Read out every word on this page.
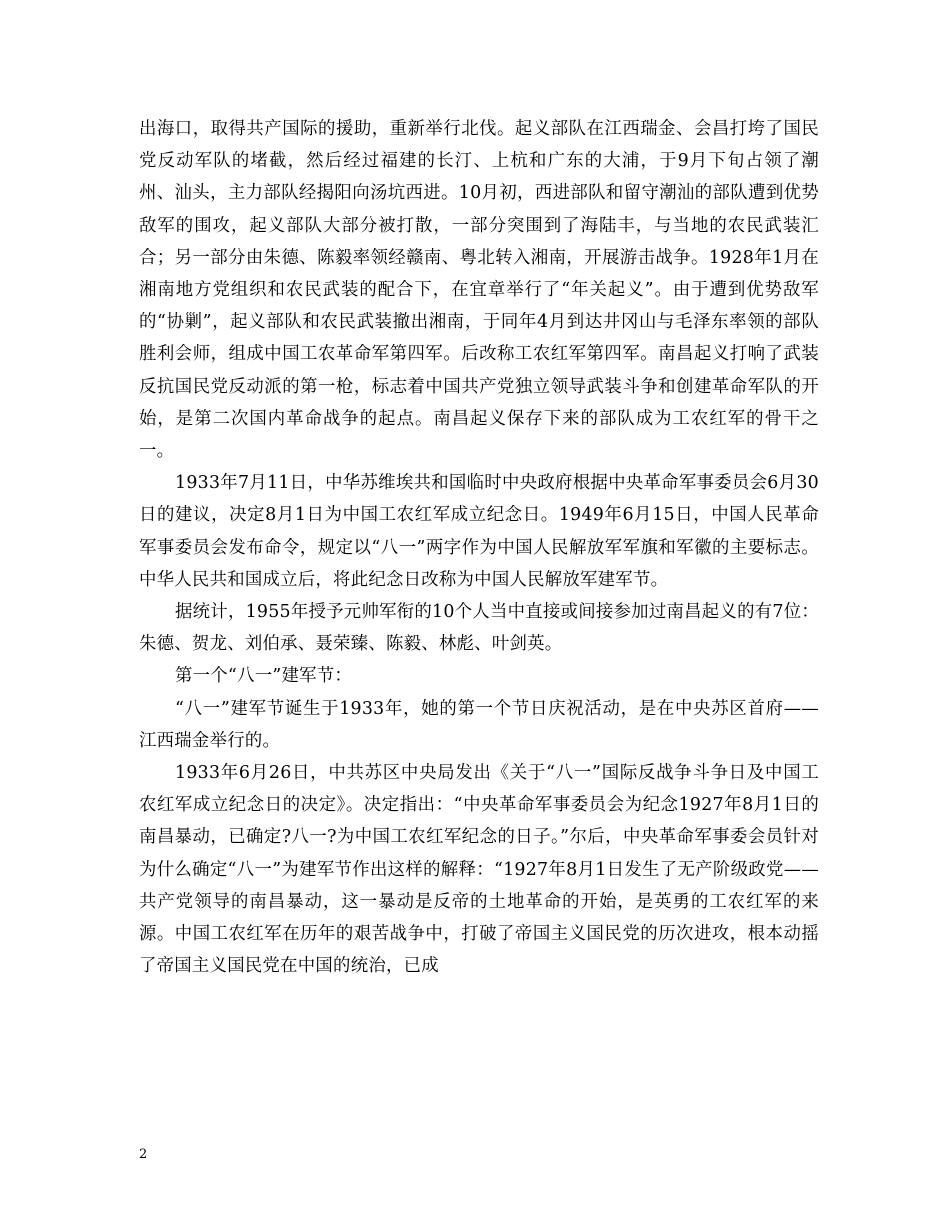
出海口，取得共产国际的援助，重新举行北伐。起义部队在江西瑞金、会昌打垮了国民党反动军队的堵截，然后经过福建的长汀、上杭和广东的大浦，于9月下旬占领了潮州、汕头，主力部队经揭阳向汤坑西进。10月初，西进部队和留守潮汕的部队遭到优势敌军的围攻，起义部队大部分被打散，一部分突围到了海陆丰，与当地的农民武装汇合；另一部分由朱德、陈毅率领经赣南、粤北转入湘南，开展游击战争。1928年1月在湘南地方党组织和农民武装的配合下，在宜章举行了“年关起义”。由于遭到优势敌军的“协剿”，起义部队和农民武装撤出湘南，于同年4月到达井冈山与毛泽东率领的部队胜利会师，组成中国工农革命军第四军。后改称工农红军第四军。南昌起义打响了武装反抗国民党反动派的第一枪，标志着中国共产党独立领导武装斗争和创建革命军队的开始，是第二次国内革命战争的起点。南昌起义保存下来的部队成为工农红军的骨干之一。

1933年7月11日，中华苏维埃共和国临时中央政府根据中央革命军事委员会6月30日的建议，决定8月1日为中国工农红军成立纪念日。1949年6月15日，中国人民革命军事委员会发布命令，规定以“八一”两字作为中国人民解放军军旗和军徽的主要标志。中华人民共和国成立后，将此纪念日改称为中国人民解放军建军节。

据统计，1955年授予元帅军衔的10个人当中直接或间接参加过南昌起义的有7位：朱德、贺龙、刘伯承、聂荣臻、陈毅、林彪、叶剑英。

第一个“八一”建军节：

“八一”建军节诞生于1933年，她的第一个节日庆祝活动，是在中央苏区首府——江西瑞金举行的。

1933年6月26日，中共苏区中央局发出《关于“八一”国际反战争斗争日及中国工农红军成立纪念日的决定》。决定指出：“中央革命军事委员会为纪念1927年8月1日的南昌暴动，已确定?八一?为中国工农红军纪念的日子。”尔后，中央革命军事委会员针对为什么确定“八一”为建军节作出这样的解释：“1927年8月1日发生了无产阶级政党——共产党领导的南昌暴动，这一暴动是反帝的土地革命的开始，是英勇的工农红军的来源。中国工农红军在历年的艰苦战争中，打破了帝国主义国民党的历次进攻，根本动摇了帝国主义国民党在中国的统治，已成

2
